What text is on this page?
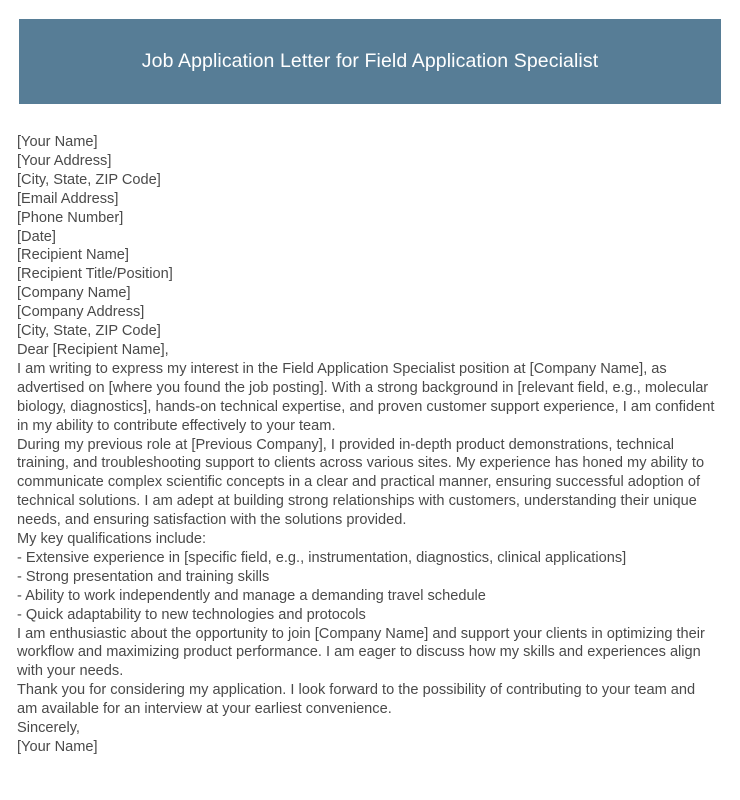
Job Application Letter for Field Application Specialist

[Your Name]

[Your Address]

[City, State, ZIP Code]

[Email Address]

[Phone Number]

[Date]

[Recipient Name]

[Recipient Title/Position]

[Company Name]

[Company Address]

[City, State, ZIP Code]

Dear [Recipient Name],

I am writing to express my interest in the Field Application Specialist position at [Company Name], as advertised on [where you found the job posting]. With a strong background in [relevant field, e.g., molecular biology, diagnostics], hands-on technical expertise, and proven customer support experience, I am confident in my ability to contribute effectively to your team.

During my previous role at [Previous Company], I provided in-depth product demonstrations, technical training, and troubleshooting support to clients across various sites. My experience has honed my ability to communicate complex scientific concepts in a clear and practical manner, ensuring successful adoption of technical solutions. I am adept at building strong relationships with customers, understanding their unique needs, and ensuring satisfaction with the solutions provided.

My key qualifications include:

- Extensive experience in [specific field, e.g., instrumentation, diagnostics, clinical applications]

- Strong presentation and training skills

- Ability to work independently and manage a demanding travel schedule

- Quick adaptability to new technologies and protocols

I am enthusiastic about the opportunity to join [Company Name] and support your clients in optimizing their workflow and maximizing product performance. I am eager to discuss how my skills and experiences align with your needs.

Thank you for considering my application. I look forward to the possibility of contributing to your team and am available for an interview at your earliest convenience.

Sincerely,

[Your Name]
